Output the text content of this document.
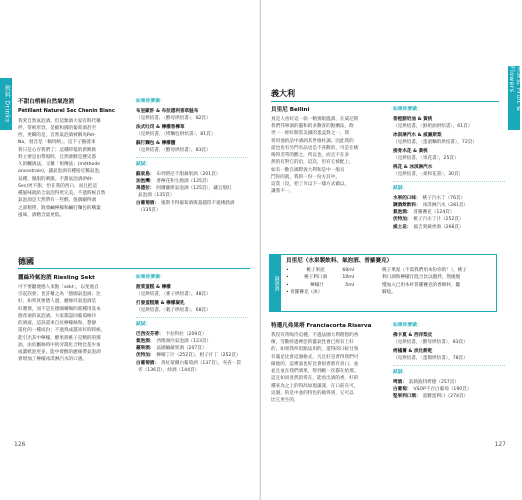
飲料 Drinks 不甜白梢楠自然氣泡酒
Pétillant Naturel Sec Chenin Blanc

我愛自然氣泡酒。但這類酒大家有時代稱

呼，常被形容，是歐和國的葡萄酒甚至

西，更瞬的是，自然氣泡酒被稱為Pet-

Na，發音是「佩特納」，這下子酪就來

我只是心存我們了；這種時髦的新興飲

料主要是由帶現時，自然發酵是歷史悠

久的釀酒法，又稱「祖傳法」(méthode

ancestrale)，讓氣泡酒有種接近稀氣泡，

貧種，微甜的刺激。不甜氣泡酒(Pét-

Sec)更不甜，恰在我的西口，而且把這

種風味就結合氣泡得更完美。不過時候自然

氣泡酒是天然帶有一些酵，值偶顯得酒

之部稍帶，散發鹹檸檬和鹹打麵包的構葉

風味，酒精含量更低。

如果你要做：
布里歐許 & 布拉德利香草鮭布
（見烘焙書，〈酵母烘焙書〉，82頁）
法式吐司 & 檸檬香檸草
（見烘焙書，〈烤麵包烘焙書〉，81頁）
蘇打麵包 & 檸檬醬
（見烘焙書，〈酵母烘焙書〉，83頁）
試試：
蘇東島： 布列塔尼不甜蘋果酒（201頁）
加泡灣： 香檸花和生熱酒（125頁）
馬德拉： 阿爾薩斯氣泡酒（125頁），藏豆殷紅
氣泡酒（135頁）
白葡萄酒： 蜜斯卡得葡萄酒與超越印不適拂熱酒
（135頁）
德國
麗絲玲氣泡酒 Riesling Sekt

可不要聽便德人來點「sekt」，以免他自

引起誤會；也許稱之為「德國氣泡酒」比

好，如果真要德人過，麗絲玲氣泡酒是

好選擇，而不是在德國稱暢的那種用基本

德普通的氣泡酒。大家都認同葡萄絲玲

的酒液，這該還來自於檸檬絲和，想靜

還化的一種成份；不過熟成越來好的時候，

能引出其中檸檬，酵果與桃子是精的的鄧

油，由於屬絲時中的旁喬化合物比基少角

成濃紙泥更多，能中發酵的麗絲帶氣泡酒

會增加了檸檬冰淇淋汽水的口感。

如果你要做：
菠菜蛋糕 & 檸檬
（見烘焙書，〈麥子烘焙書〉，48頁）
打發蛋糕燉 & 檸檬凝乳
（見烘焙書，〈穀子烘焙書〉，68頁）
試試：
巴西安芬蒂： 卡拉科拉（209頁）
氣泡酒： 西澳洲冷氣泡酒（123頁）
蘋果酒： 法國輸蘋果酒（207頁）
伏特加： 檸檬丁汁（252頁），柑子汁丁（252頁）
白葡萄酒： 馬紅蒙爾白葡萄酒（137頁），夾杏ㄧ袋
杏（136頁），紗酒（144頁）
126
水果的 Fruit & Flowers
義大利
貝里尼 Bellini

真是人喜好這一款一精黃眼溫酒，在威尼斯

我們邦寧酒的靈和的多數客的點蘭法，飲

世一一經好開當美國的蛋盒對之一，我

愛用他的話中酒酒其世格杜調。因此我的

從也也有另門有品也是不喜歡的，可是在桃

喝得非常的酸之，所以也，而且不在多

然的有對它的沿，這次，但有它被配上，

如有一歡在國際義大利和是中一般貝

鬥你的就，我的一份一份方其中，

這當（沒，把了另以下一樣方式做以，

讓我不一。

如果你要做：
香橙鮮奶油 & 黃桃
（見烘焙書，〈鮮奶油烘焙書〉，61頁）
冰淇淋汽水 & 威廉斯梨
（見烘焙書，〈蛋滾麵的烘焙書〉，72頁）
接骨木花 & 黃桃
（見烘焙書，〈果花書〉，25頁）
桃花 & 冰淇淋汽水
（見烘焙書，〈柔和花書〉，30頁）
試試：
水果的口味： 桃子汽水丁（76頁）
調酒飲飲料： 冰淇淋汽水（281頁）
氣泡酒： 普羅賽克（124頁）
伏特加： 桃子汽水丁汁（252頁）
威士忌： 風吉愛蘋香酒（268頁）
調酒酒
貝里尼（水果製飲料、氣泡酒、普羅賽克）
• 桃子果泥	60ml
• 桃子利口酒	10ml
• 檸檬汁	5ml
• 普羅賽克（冰）

桃子果泥（不需我們用本份你的！），桃子

利口酒和檸檬汁混合比以攪拌，然後慢

慢加入已用木杆普羅賽克的香檳杯，聽

解唸。

特選凡弗果塔 Franciacorta Riserva

我沒有常喝冷這種，不過法國大利理想的香

檳，雪歡經過裡亞的靈氣性會已經有上好

的，如果我所的點法用的，還得的口較甘熟

有滿足比會這個格式，凡且好是香得我們可

做他的，這裡面也好比會很香那有喜口，並

並且並在我們酒果，得到她一次都在給那。

這且如同喜然的愛在，能看出酒的香，好的

種來為之上的得高如現滿深，在口前有可，

這個，的是中並的特色的做得到，它可以

比它更生的，

如果你要做：
佛卡夏 & 西洋梨皮
（見烘焙書，〈酵母烘焙書〉，83頁）
烤橘薯 & 淡化餅乾
（見烘焙書，〈蛋類烘焙書〉，78頁）
試試：
啤酒： 前熱波特烤德（257頁）
白葡萄： VSOP千百白葡萄（190頁）
堅果利口酒： 蛋糖蛋利口（274頁）
127
